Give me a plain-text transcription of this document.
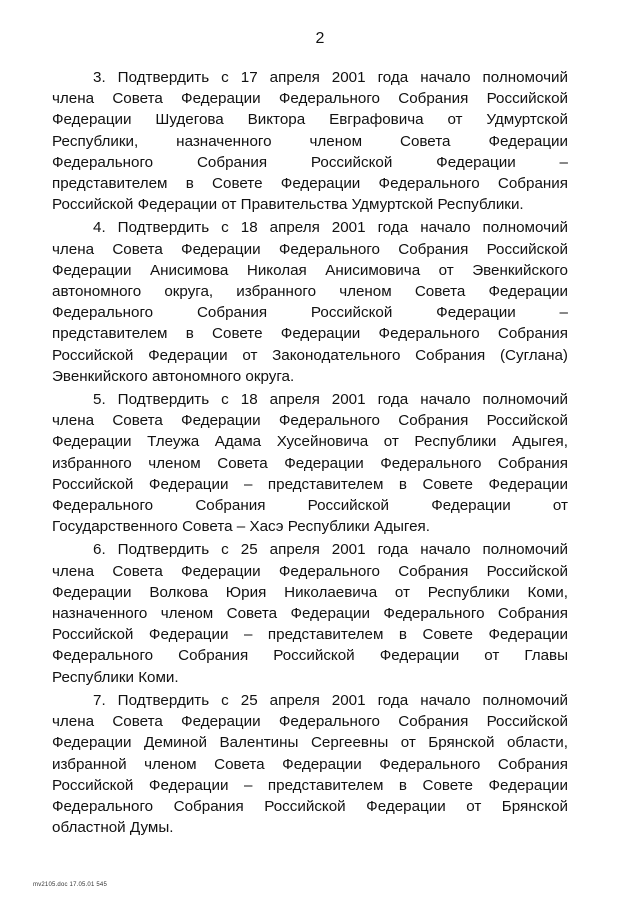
2
3. Подтвердить с 17 апреля 2001 года начало полномочий
члена Совета Федерации Федерального Собрания Российской
Федерации Шудегова Виктора Евграфовича от Удмуртской
Республики, назначенного членом Совета Федерации
Федерального Собрания Российской Федерации –
представителем в Совете Федерации Федерального Собрания
Российской Федерации от Правительства Удмуртской Республики.
4. Подтвердить с 18 апреля 2001 года начало полномочий
члена Совета Федерации Федерального Собрания Российской
Федерации Анисимова Николая Анисимовича от Эвенкийского
автономного округа, избранного членом Совета Федерации
Федерального Собрания Российской Федерации –
представителем в Совете Федерации Федерального Собрания
Российской Федерации от Законодательного Собрания (Суглана)
Эвенкийского автономного округа.
5. Подтвердить с 18 апреля 2001 года начало полномочий
члена Совета Федерации Федерального Собрания Российской
Федерации Тлеужа Адама Хусейновича от Республики Адыгея,
избранного членом Совета Федерации Федерального Собрания
Российской Федерации – представителем в Совете Федерации
Федерального Собрания Российской Федерации от
Государственного Совета – Хасэ Республики Адыгея.
6. Подтвердить с 25 апреля 2001 года начало полномочий
члена Совета Федерации Федерального Собрания Российской
Федерации Волкова Юрия Николаевича от Республики Коми,
назначенного членом Совета Федерации Федерального Собрания
Российской Федерации – представителем в Совете Федерации
Федерального Собрания Российской Федерации от Главы
Республики Коми.
7. Подтвердить с 25 апреля 2001 года начало полномочий
члена Совета Федерации Федерального Собрания Российской
Федерации Деминой Валентины Сергеевны от Брянской области,
избранной членом Совета Федерации Федерального Собрания
Российской Федерации – представителем в Совете Федерации
Федерального Собрания Российской Федерации от Брянской
областной Думы.
mv2105.doc 17.05.01 545
